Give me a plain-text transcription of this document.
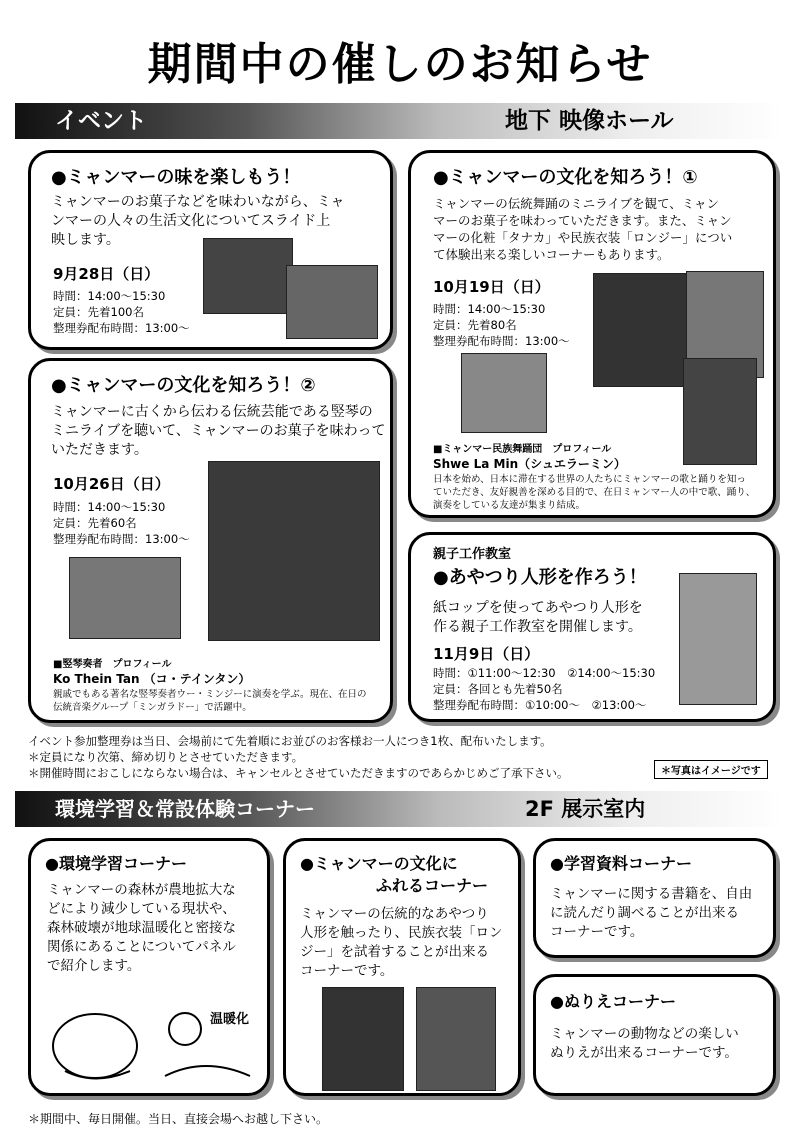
期間中の催しのお知らせ
イベント	地下 映像ホール
●ミャンマーの味を楽しもう！
ミャンマーのお菓子などを味わいながら、ミャ
ンマーの人々の生活文化についてスライド上
映します。
9月28日（日）
時間：14:00～15:30
定員：先着100名
整理券配布時間：13:00～
●ミャンマーの文化を知ろう！①
ミャンマーの伝統舞踊のミニライブを観て、ミャン
マーのお菓子を味わっていただきます。また、ミャン
マーの化粧「タナカ」や民族衣装「ロンジー」につい
て体験出来る楽しいコーナーもあります。
10月19日（日）
時間：14:00～15:30
定員：先着80名
整理券配布時間：13:00～
■ミャンマー民族舞踊団　プロフィール
Shwe La Min（シュエラーミン）
日本を始め、日本に滞在する世界の人たちにミャンマーの歌と踊りを知っ
ていただき、友好親善を深める目的で、在日ミャンマー人の中で歌、踊り、
演奏をしている友達が集まり結成。
●ミャンマーの文化を知ろう！②
ミャンマーに古くから伝わる伝統芸能である竪琴の
ミニライブを聴いて、ミャンマーのお菓子を味わって
いただきます。
10月26日（日）
時間：14:00～15:30
定員：先着60名
整理券配布時間：13:00～
■竪琴奏者　プロフィール
Ko Thein Tan （コ・テインタン）
親戚でもある著名な竪琴奏者ウー・ミンジーに演奏を学ぶ。現在、在日の
伝統音楽グループ「ミンガラドー」で活躍中。
親子工作教室
●あやつり人形を作ろう！
紙コップを使ってあやつり人形を
作る親子工作教室を開催します。
11月9日（日）
時間：①11:00～12:30　②14:00～15:30
定員：各回とも先着50名
整理券配布時間：①10:00～　②13:00～
イベント参加整理券は当日、会場前にて先着順にお並びのお客様お一人につき1枚、配布いたします。
＊定員になり次第、締め切りとさせていただきます。
＊開催時間におこしにならない場合は、キャンセルとさせていただきますのであらかじめご了承下さい。	＊写真はイメージです
環境学習＆常設体験コーナー	2F 展示室内
●環境学習コーナー
ミャンマーの森林が農地拡大な
どにより減少している現状や、
森林破壊が地球温暖化と密接な
関係にあることについてパネル
で紹介します。
温暖化
●ミャンマーの文化に
ふれるコーナー
ミャンマーの伝統的なあやつり
人形を触ったり、民族衣装「ロン
ジー」を試着することが出来る
コーナーです。
●学習資料コーナー
ミャンマーに関する書籍を、自由
に読んだり調べることが出来る
コーナーです。
●ぬりえコーナー
ミャンマーの動物などの楽しい
ぬりえが出来るコーナーです。
＊期間中、毎日開催。当日、直接会場へお越し下さい。
